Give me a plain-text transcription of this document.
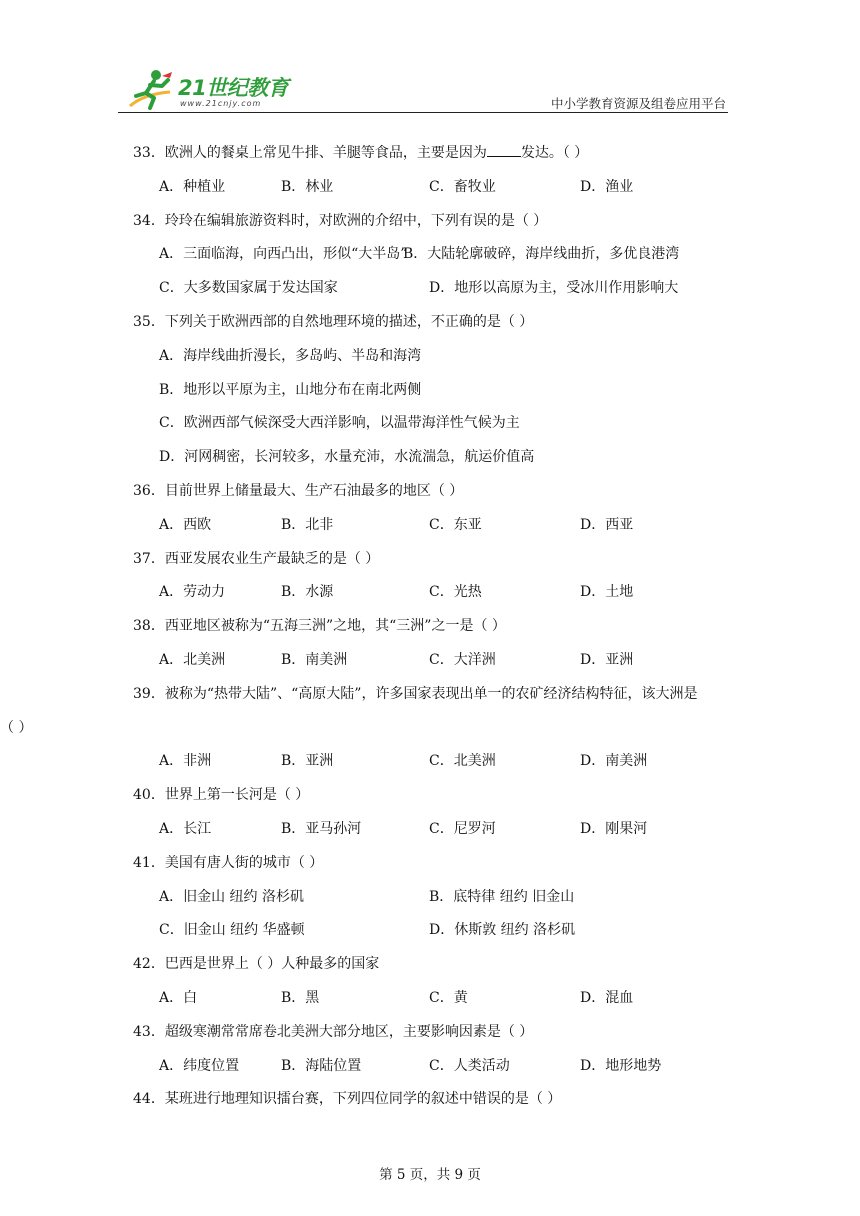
21世纪教育
www.21cnjy.com	中小学教育资源及组卷应用平台
33．欧洲人的餐桌上常见牛排、羊腿等食品，主要是因为 发达。（ ）
A．种植业	B．林业	C．畜牧业	D．渔业
34．玲玲在编辑旅游资料时，对欧洲的介绍中，下列有误的是（ ）
A．三面临海，向西凸出，形似“大半岛”
B．大陆轮廓破碎，海岸线曲折，多优良港湾
C．大多数国家属于发达国家	D．地形以高原为主，受冰川作用影响大
35．下列关于欧洲西部的自然地理环境的描述，不正确的是（ ）
A．海岸线曲折漫长，多岛屿、半岛和海湾
B．地形以平原为主，山地分布在南北两侧
C．欧洲西部气候深受大西洋影响，以温带海洋性气候为主
D．河网稠密，长河较多，水量充沛，水流湍急，航运价值高
36．目前世界上储量最大、生产石油最多的地区（ ）
A．西欧	B．北非	C．东亚	D．西亚
37．西亚发展农业生产最缺乏的是（ ）
A．劳动力	B．水源	C．光热	D．土地
38．西亚地区被称为“五海三洲”之地，其“三洲”之一是（ ）
A．北美洲	B．南美洲	C．大洋洲	D．亚洲
39．被称为“热带大陆”、“高原大陆”，许多国家表现出单一的农矿经济结构特征，该大洲是
（ ）
A．非洲	B．亚洲	C．北美洲	D．南美洲
40．世界上第一长河是（ ）
A．长江	B．亚马孙河	C．尼罗河	D．刚果河
41．美国有唐人街的城市（ ）
A．旧金山 纽约 洛杉矶	B．底特律 纽约 旧金山
C．旧金山 纽约 华盛顿	D．休斯敦 纽约 洛杉矶
42．巴西是世界上（ ）人种最多的国家
A．白	B．黑	C．黄	D．混血
43．超级寒潮常常席卷北美洲大部分地区，主要影响因素是（ ）
A．纬度位置	B．海陆位置	C．人类活动	D．地形地势
44．某班进行地理知识擂台赛，下列四位同学的叙述中错误的是（ ）
第 5 页，共 9 页
